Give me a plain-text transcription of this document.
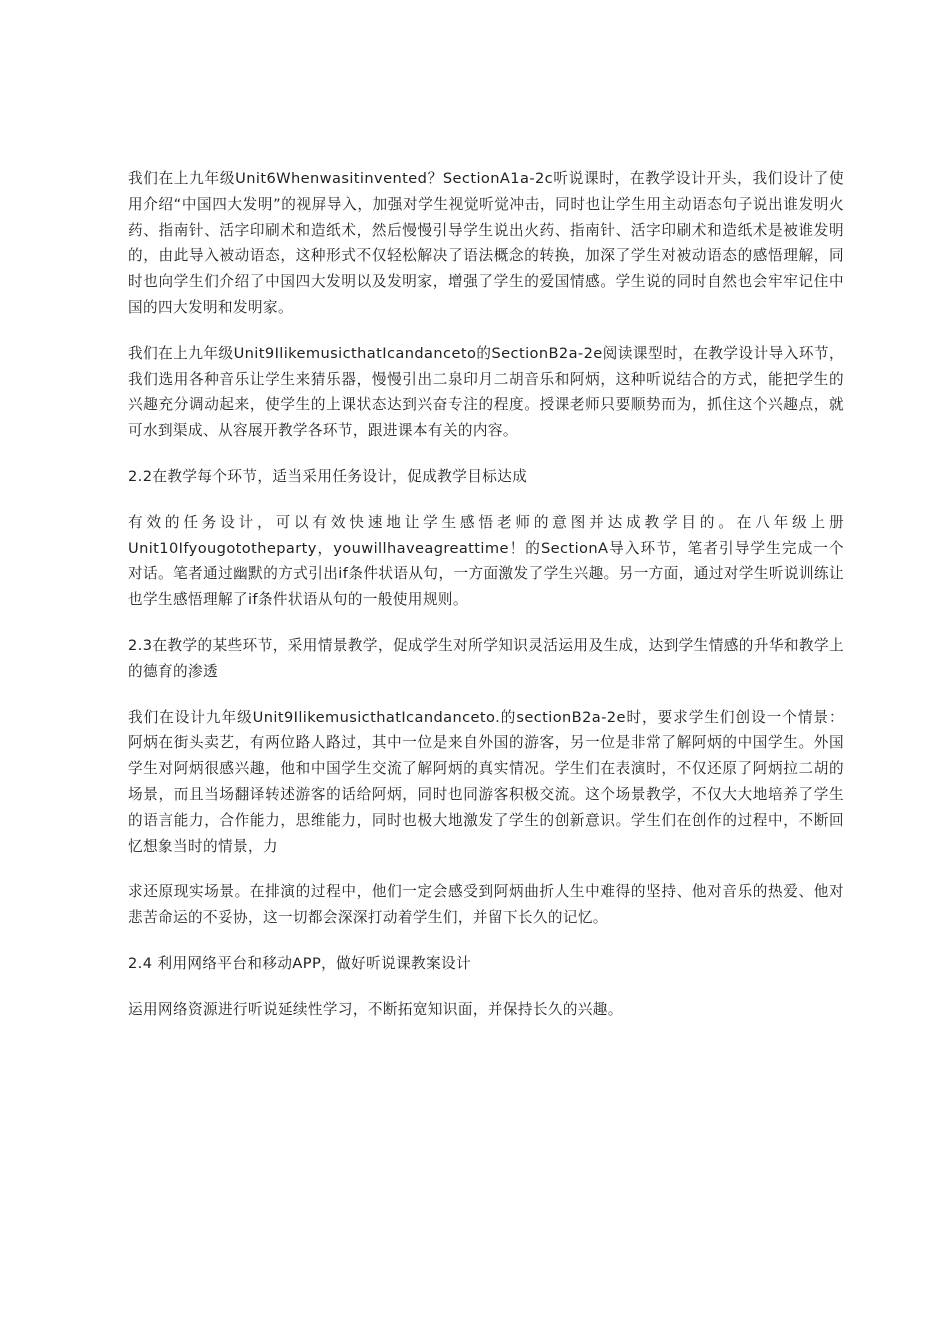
我们在上九年级Unit6Whenwasitinvented？SectionA1a-2c听说课时，在教学设计开头，我们设计了使用介绍“中国四大发明”的视屏导入，加强对学生视觉听觉冲击，同时也让学生用主动语态句子说出谁发明火药、指南针、活字印刷术和造纸术，然后慢慢引导学生说出火药、指南针、活字印刷术和造纸术是被谁发明的，由此导入被动语态，这种形式不仅轻松解决了语法概念的转换，加深了学生对被动语态的感悟理解，同时也向学生们介绍了中国四大发明以及发明家，增强了学生的爱国情感。学生说的同时自然也会牢牢记住中国的四大发明和发明家。

我们在上九年级Unit9IlikemusicthatIcandanceto的SectionB2a-2e阅读课型时，在教学设计导入环节，我们选用各种音乐让学生来猜乐器，慢慢引出二泉印月二胡音乐和阿炳，这种听说结合的方式，能把学生的兴趣充分调动起来，使学生的上课状态达到兴奋专注的程度。授课老师只要顺势而为，抓住这个兴趣点，就可水到渠成、从容展开教学各环节，跟进课本有关的内容。

2.2在教学每个环节，适当采用任务设计，促成教学目标达成

有效的任务设计，可以有效快速地让学生感悟老师的意图并达成教学目的。在八年级上册Unit10Ifyougototheparty，youwillhaveagreattime！的SectionA导入环节，笔者引导学生完成一个对话。笔者通过幽默的方式引出if条件状语从句，一方面激发了学生兴趣。另一方面，通过对学生听说训练让也学生感悟理解了if条件状语从句的一般使用规则。

2.3在教学的某些环节，采用情景教学，促成学生对所学知识灵活运用及生成，达到学生情感的升华和教学上的德育的渗透

我们在设计九年级Unit9IlikemusicthatIcandanceto.的sectionB2a-2e时，要求学生们创设一个情景：阿炳在街头卖艺，有两位路人路过，其中一位是来自外国的游客，另一位是非常了解阿炳的中国学生。外国学生对阿炳很感兴趣，他和中国学生交流了解阿炳的真实情况。学生们在表演时，不仅还原了阿炳拉二胡的场景，而且当场翻译转述游客的话给阿炳，同时也同游客积极交流。这个场景教学，不仅大大地培养了学生的语言能力，合作能力，思维能力，同时也极大地激发了学生的创新意识。学生们在创作的过程中，不断回忆想象当时的情景，力

求还原现实场景。在排演的过程中，他们一定会感受到阿炳曲折人生中难得的坚持、他对音乐的热爱、他对悲苦命运的不妥协，这一切都会深深打动着学生们，并留下长久的记忆。

2.4 利用网络平台和移动APP，做好听说课教案设计

运用网络资源进行听说延续性学习，不断拓宽知识面，并保持长久的兴趣。
